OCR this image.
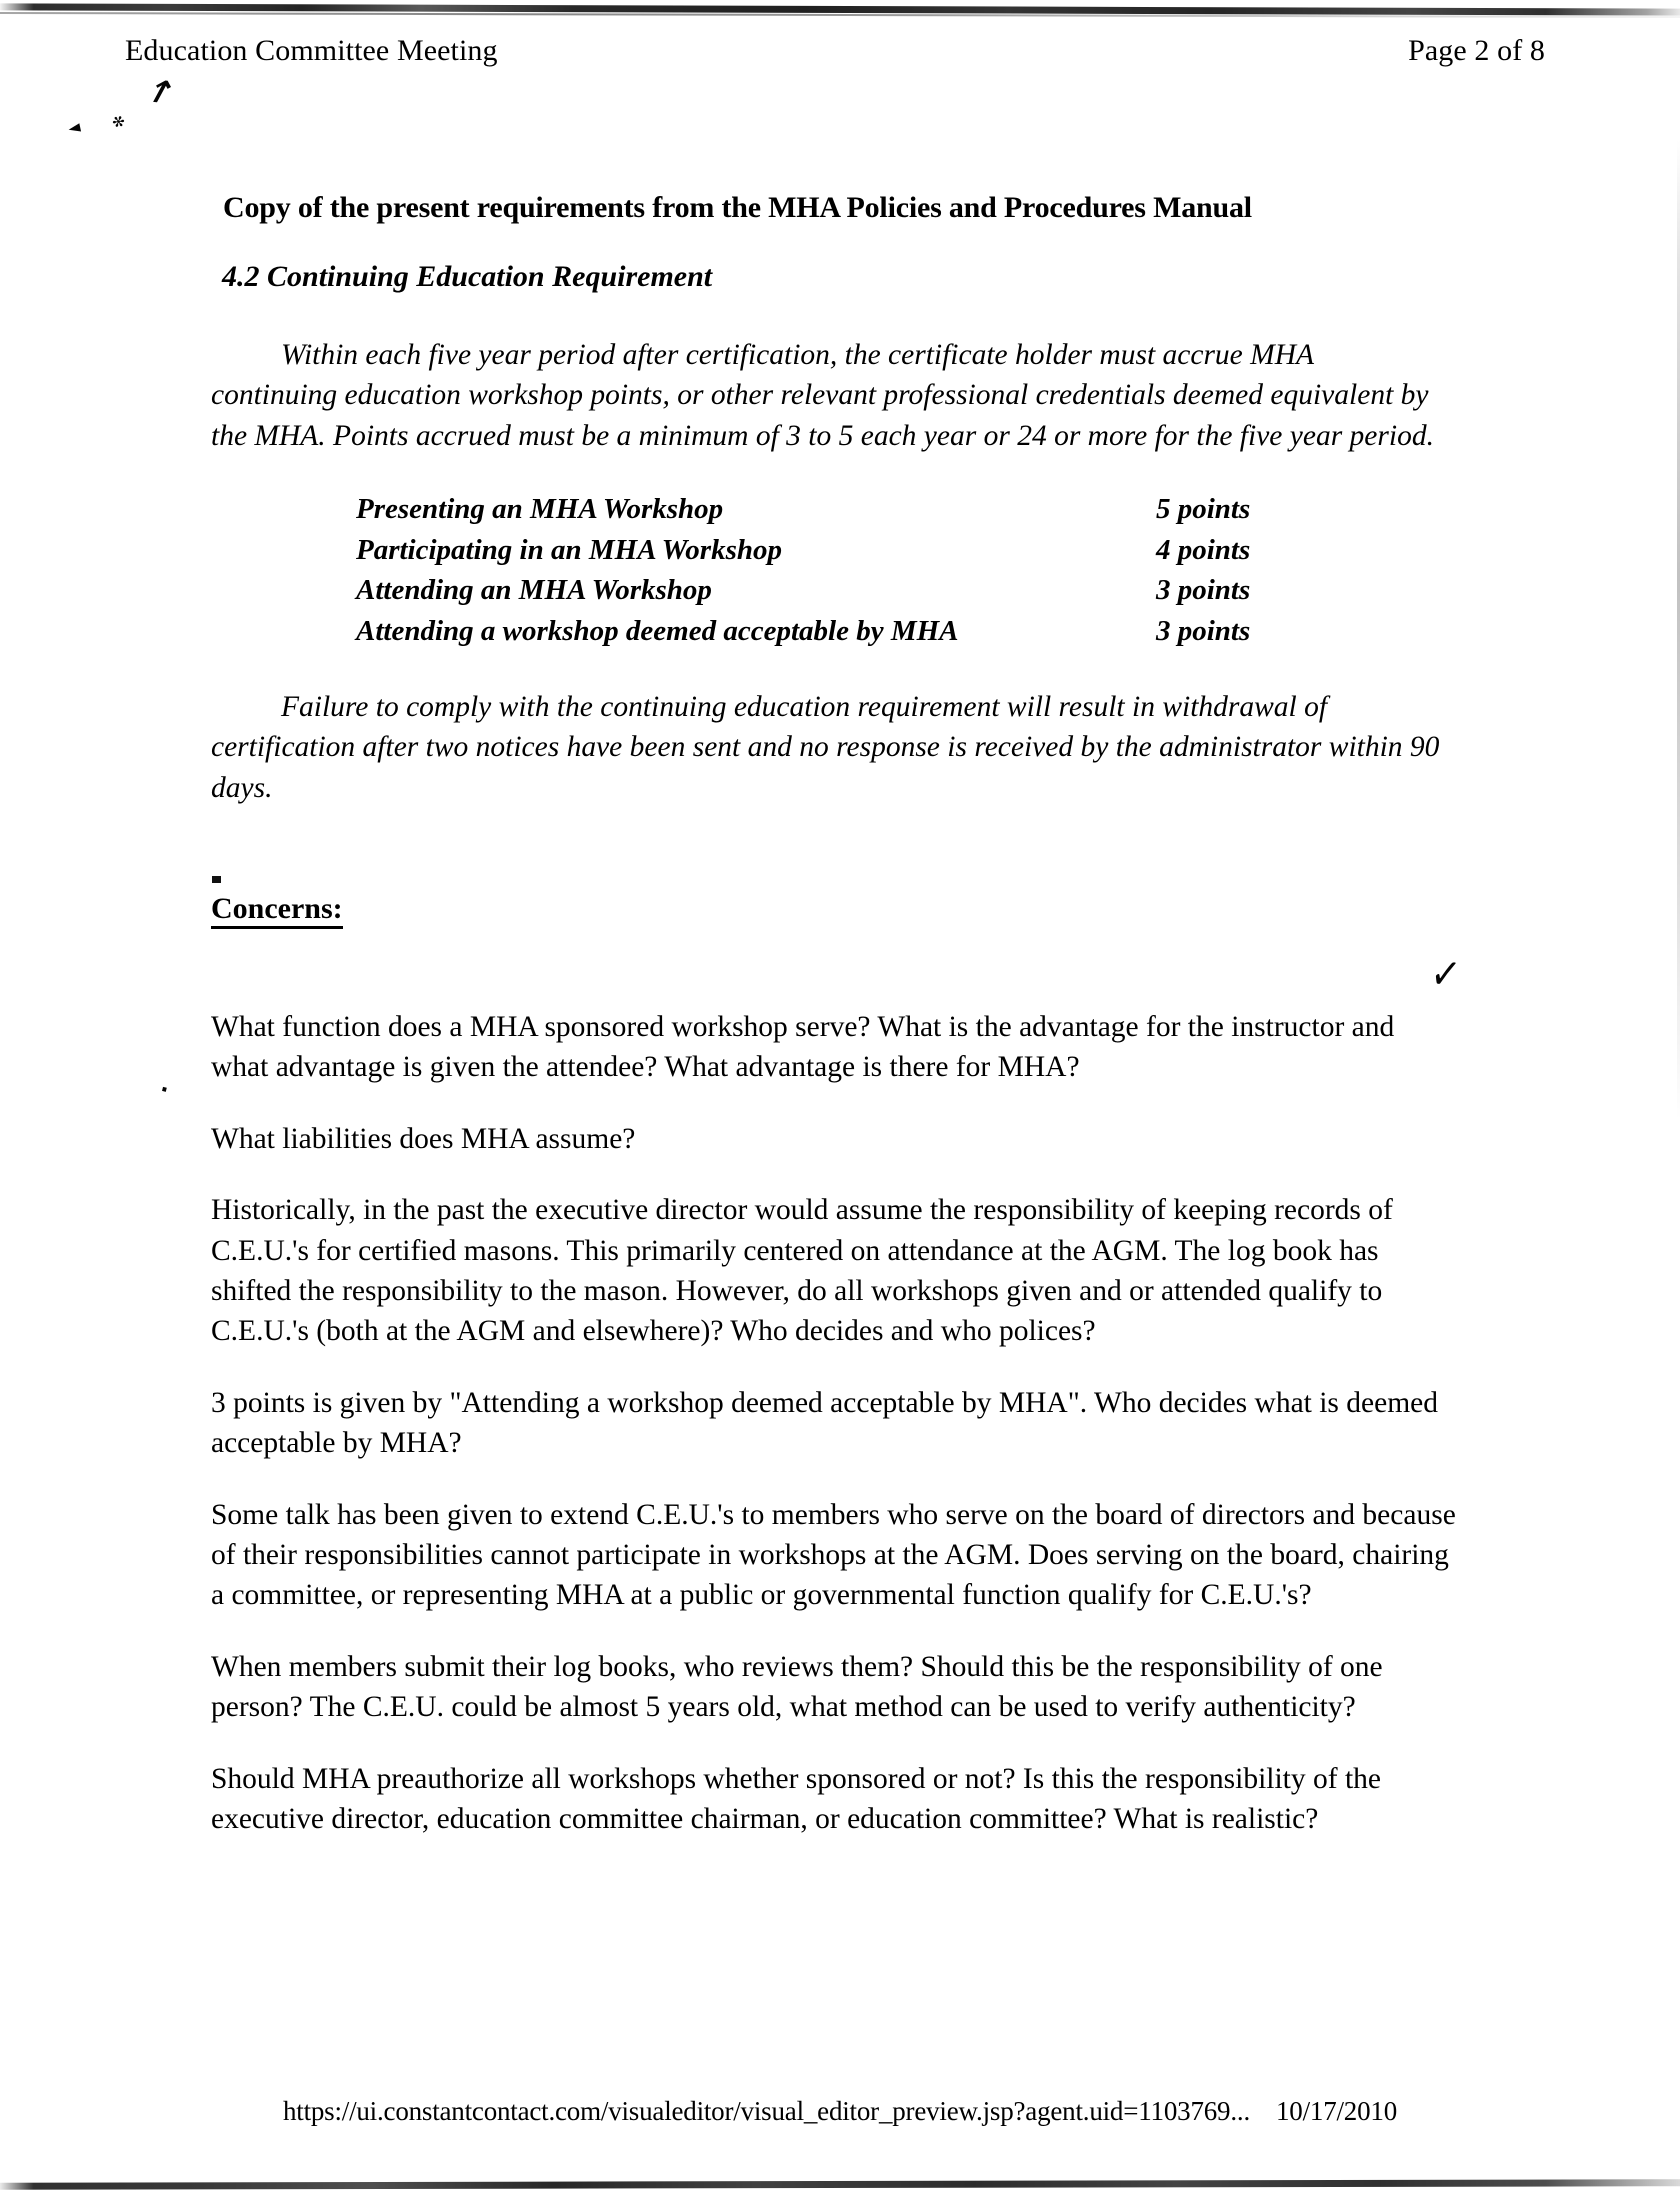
Education Committee Meeting	Page 2 of 8
↗
◂ ✻
✓
·

Copy of the present requirements from the MHA Policies and Procedures Manual

4.2 Continuing Education Requirement

Within each five year period after certification, the certificate holder must accrue MHA continuing education workshop points, or other relevant professional credentials deemed equivalent by the MHA. Points accrued must be a minimum of 3 to 5 each year or 24 or more for the five year period.

Presenting an MHA Workshop	5 points
Participating in an MHA Workshop	4 points
Attending an MHA Workshop	3 points
Attending a workshop deemed acceptable by MHA	3 points

Failure to comply with the continuing education requirement will result in withdrawal of certification after two notices have been sent and no response is received by the administrator within 90 days.

Concerns:

What function does a MHA sponsored workshop serve? What is the advantage for the instructor and what advantage is given the attendee? What advantage is there for MHA?

What liabilities does MHA assume?

Historically, in the past the executive director would assume the responsibility of keeping records of C.E.U.'s for certified masons. This primarily centered on attendance at the AGM. The log book has shifted the responsibility to the mason. However, do all workshops given and or attended qualify to C.E.U.'s (both at the AGM and elsewhere)? Who decides and who polices?

3 points is given by "Attending a workshop deemed acceptable by MHA". Who decides what is deemed acceptable by MHA?

Some talk has been given to extend C.E.U.'s to members who serve on the board of directors and because of their responsibilities cannot participate in workshops at the AGM. Does serving on the board, chairing a committee, or representing MHA at a public or governmental function qualify for C.E.U.'s?

When members submit their log books, who reviews them? Should this be the responsibility of one person? The C.E.U. could be almost 5 years old, what method can be used to verify authenticity?

Should MHA preauthorize all workshops whether sponsored or not? Is this the responsibility of the executive director, education committee chairman, or education committee? What is realistic?

https://ui.constantcontact.com/visualeditor/visual_editor_preview.jsp?agent.uid=1103769... 10/17/2010
